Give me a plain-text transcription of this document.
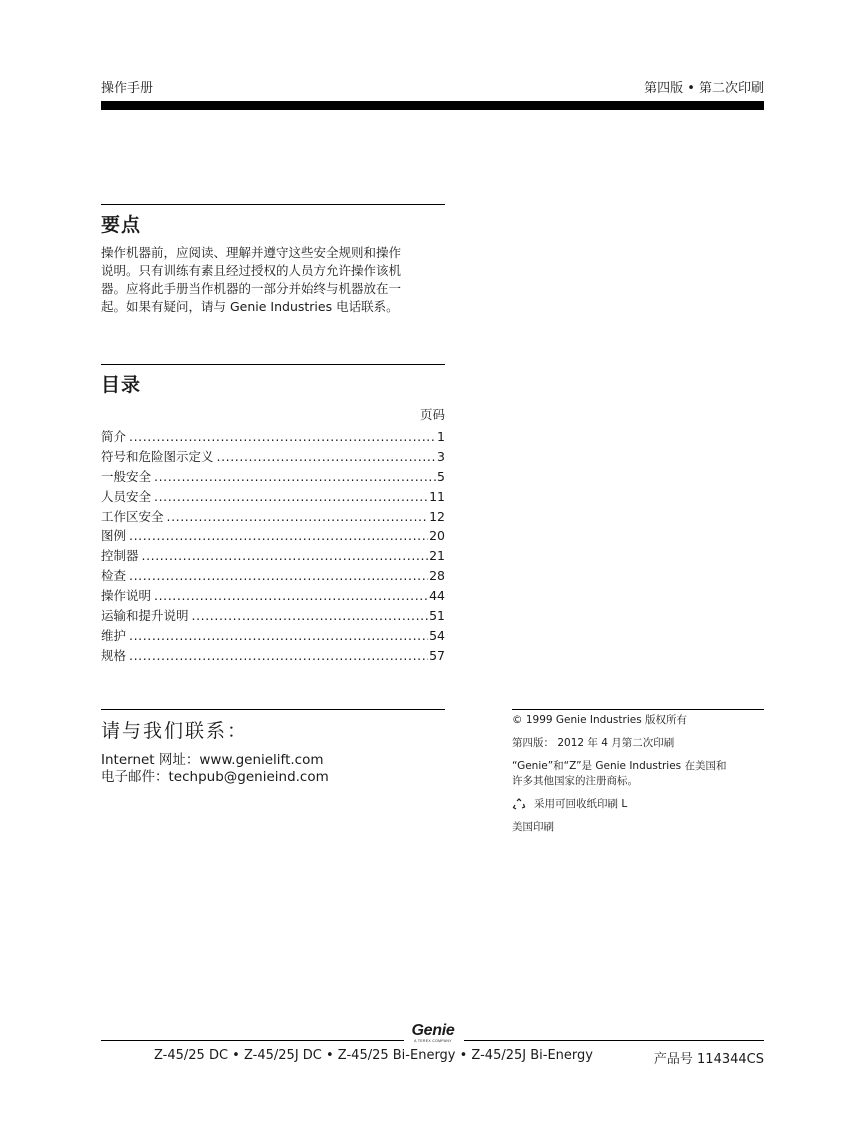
操作手册	第四版 • 第二次印刷
要点

操作机器前，应阅读、理解并遵守这些安全规则和操作

说明。只有训练有素且经过授权的人员方允许操作该机

器。应将此手册当作机器的一部分并始终与机器放在一

起。如果有疑问，请与 Genie Industries 电话联系。

目录
页码
简介 .....	1
符号和危险图示定义 .....	3
一般安全 .....	5
人员安全 .....	11
工作区安全 .....	12
图例 .....	20
控制器 .....	21
检查 .....	28
操作说明 .....	44
运输和提升说明 .....	51
维护 .....	54
规格 .....	57
请与我们联系：
Internet 网址：www.genielift.com
电子邮件：techpub@genieind.com
© 1999 Genie Industries 版权所有
第四版： 2012 年 4 月第二次印刷

“Genie”和“Z”是 Genie Industries 在美国和

许多其他国家的注册商标。

采用可回收纸印刷 L
美国印刷
Genie
A TEREX COMPANY
Z-45/25 DC • Z-45/25J DC • Z-45/25 Bi-Energy • Z-45/25J Bi-Energy	产品号 114344CS
